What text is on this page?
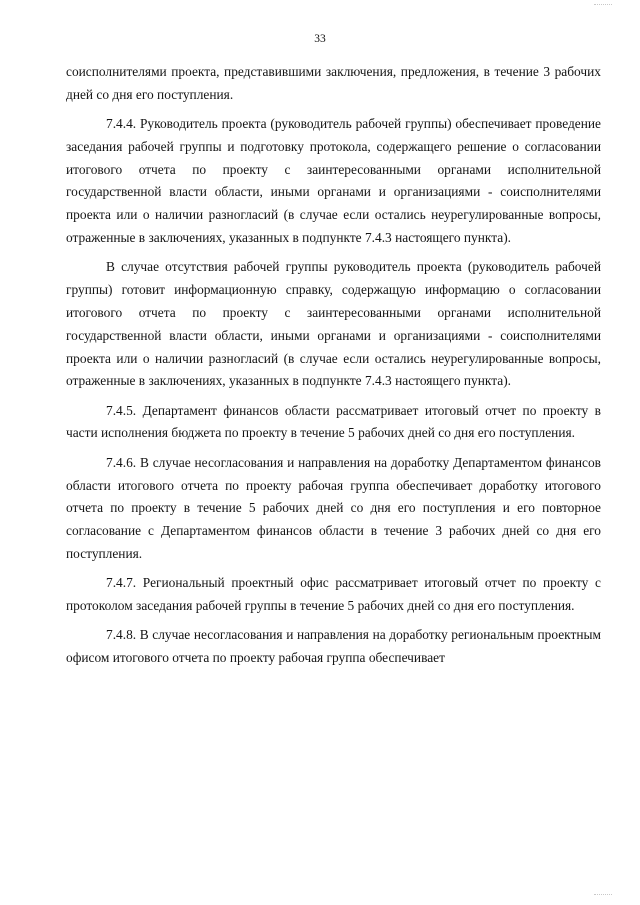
33

соисполнителями проекта, представившими заключения, предложения, в течение 3 рабочих дней со дня его поступления.

7.4.4. Руководитель проекта (руководитель рабочей группы) обеспечивает проведение заседания рабочей группы и подготовку протокола, содержащего решение о согласовании итогового отчета по проекту с заинтересованными органами исполнительной государственной власти области, иными органами и организациями - соисполнителями проекта или о наличии разногласий (в случае если остались неурегулированные вопросы, отраженные в заключениях, указанных в подпункте 7.4.3 настоящего пункта).

В случае отсутствия рабочей группы руководитель проекта (руководитель рабочей группы) готовит информационную справку, содержащую информацию о согласовании итогового отчета по проекту с заинтересованными органами исполнительной государственной власти области, иными органами и организациями - соисполнителями проекта или о наличии разногласий (в случае если остались неурегулированные вопросы, отраженные в заключениях, указанных в подпункте 7.4.3 настоящего пункта).

7.4.5. Департамент финансов области рассматривает итоговый отчет по проекту в части исполнения бюджета по проекту в течение 5 рабочих дней со дня его поступления.

7.4.6. В случае несогласования и направления на доработку Департаментом финансов области итогового отчета по проекту рабочая группа обеспечивает доработку итогового отчета по проекту в течение 5 рабочих дней со дня его поступления и его повторное согласование с Департаментом финансов области в течение 3 рабочих дней со дня его поступления.

7.4.7. Региональный проектный офис рассматривает итоговый отчет по проекту с протоколом заседания рабочей группы в течение 5 рабочих дней со дня его поступления.

7.4.8. В случае несогласования и направления на доработку региональным проектным офисом итогового отчета по проекту рабочая группа обеспечивает
